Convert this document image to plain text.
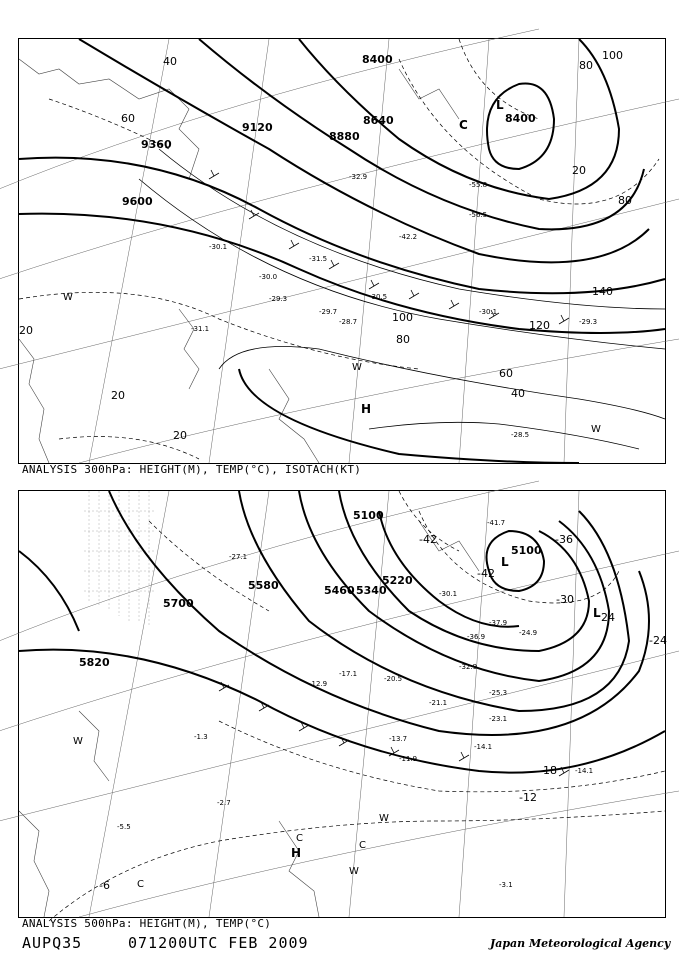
9600
9360
9120
8880
8640
8400
8400
40
60
80
100
120
140
20
40
20
80
100
20
20
60
80
L
H
C
W
W
W
-30.1
-30.0
-29.3
-31.5
-29.7
-28.7
-30.5
-32.9
-42.2
-55.8
-56.5
-30.1
-29.3
-28.5
-31.1
ANALYSIS 300hPa: HEIGHT(M), TEMP(°C), ISOTACH(KT)
5700
5580
5820
5460 5340
5220
5100
5100
-42	-36
-30
-24
-18
-12
-6
-42
24
L
L
H
C
C
C
W
W
W
-36.9
-32.9
-25.3
-23.1
-21.1
-14.1
-11.9
-13.7
-12.9
-17.1
-20.5
-2.7
-1.3
-3.1
-30.1
-27.1
-41.7
-37.9
-24.9
-14.1
-5.5
ANALYSIS 500hPa: HEIGHT(M), TEMP(°C)
AUPQ35	071200UTC FEB 2009	Japan Meteorological Agency
